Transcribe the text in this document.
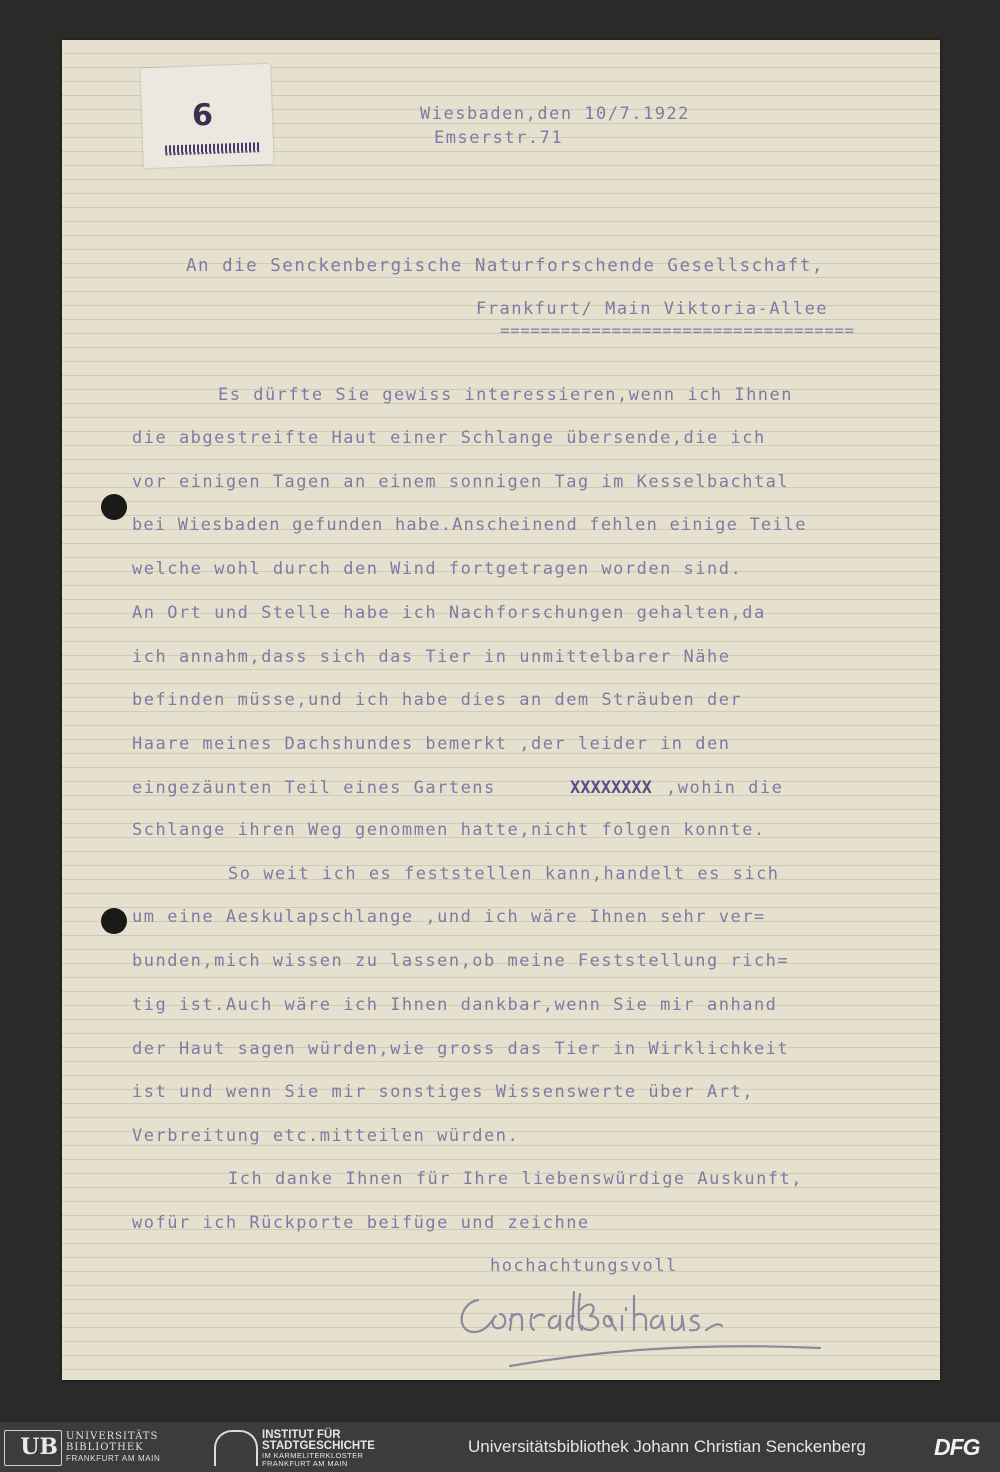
6	Wiesbaden,den 10/7.1922
Emserstr.71
An die Senckenbergische Naturforschende Gesellschaft,
Frankfurt/ Main Viktoria-Allee
===================================
Es dürfte Sie gewiss interessieren,wenn ich Ihnen
die abgestreifte Haut einer Schlange übersende,die ich
vor einigen Tagen an einem sonnigen Tag im Kesselbachtal
bei Wiesbaden gefunden habe.Anscheinend fehlen einige Teile
welche wohl durch den Wind fortgetragen worden sind.
An Ort und Stelle habe ich Nachforschungen gehalten,da
ich annahm,dass sich das Tier in unmittelbarer Nähe
befinden müsse,und ich habe dies an dem Sträuben der
Haare meines Dachshundes bemerkt ,der leider in den
eingezäunten Teil eines Gartens	XXXXXXXX ,wohin die
Schlange ihren Weg genommen hatte,nicht folgen konnte.
So weit ich es feststellen kann,handelt es sich
um eine Aeskulapschlange ,und ich wäre Ihnen sehr ver=
bunden,mich wissen zu lassen,ob meine Feststellung rich=
tig ist.Auch wäre ich Ihnen dankbar,wenn Sie mir anhand
der Haut sagen würden,wie gross das Tier in Wirklichkeit
ist und wenn Sie mir sonstiges Wissenswerte über Art,
Verbreitung etc.mitteilen würden.
Ich danke Ihnen für Ihre liebenswürdige Auskunft,
wofür ich Rückporte beifüge und zeichne
hochachtungsvoll
UB UNIVERSITÄTS
BIBLIOTHEK
FRANKFURT AM MAIN
INSTITUT FÜR
STADTGESCHICHTE
IM KARMELITERKLOSTER
FRANKFURT AM MAIN
Universitätsbibliothek Johann Christian Senckenberg	DFG
